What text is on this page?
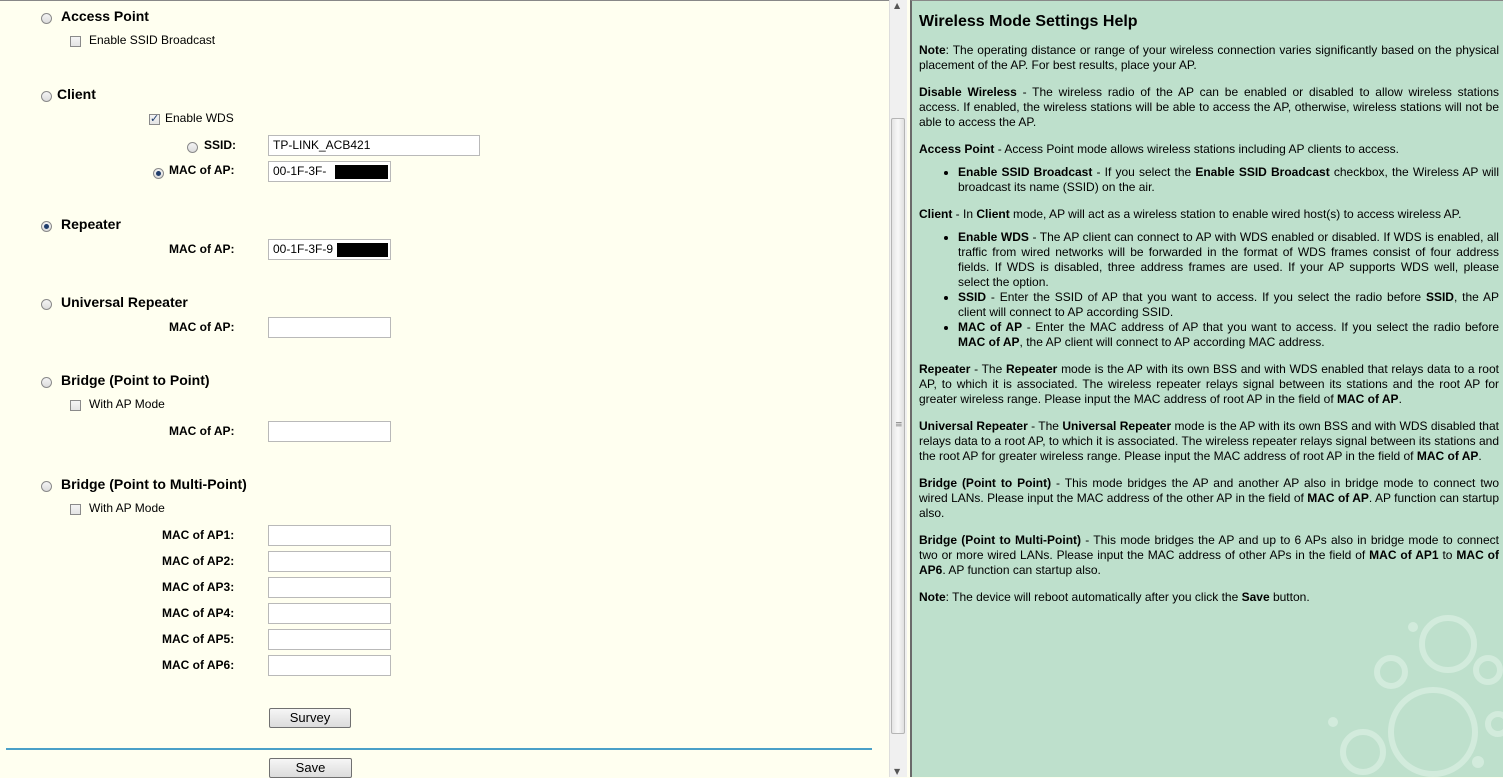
Access Point
Enable SSID Broadcast
Client
✓
Enable WDS
SSID:	TP-LINK_ACB421
MAC of AP:	00-1F-3F-
Repeater
MAC of AP:	00-1F-3F-9
Universal Repeater
MAC of AP:
Bridge (Point to Point)
With AP Mode
MAC of AP:
Bridge (Point to Multi-Point)
With AP Mode
MAC of AP1:
MAC of AP2:
MAC of AP3:
MAC of AP4:
MAC of AP5:
MAC of AP6:
Survey
Save
▲
≡
▼
Wireless Mode Settings Help

Note: The operating distance or range of your wireless connection varies significantly based on the physical placement of the AP. For best results, place your AP.

Disable Wireless - The wireless radio of the AP can be enabled or disabled to allow wireless stations access. If enabled, the wireless stations will be able to access the AP, otherwise, wireless stations will not be able to access the AP.

Access Point - Access Point mode allows wireless stations including AP clients to access.

• Enable SSID Broadcast - If you select the Enable SSID Broadcast checkbox, the Wireless AP will broadcast its name (SSID) on the air.

Client - In Client mode, AP will act as a wireless station to enable wired host(s) to access wireless AP.

• Enable WDS - The AP client can connect to AP with WDS enabled or disabled. If WDS is enabled, all traffic from wired networks will be forwarded in the format of WDS frames consist of four address fields. If WDS is disabled, three address frames are used. If your AP supports WDS well, please select the option.
• SSID - Enter the SSID of AP that you want to access. If you select the radio before SSID, the AP client will connect to AP according SSID.
• MAC of AP - Enter the MAC address of AP that you want to access. If you select the radio before MAC of AP, the AP client will connect to AP according MAC address.

Repeater - The Repeater mode is the AP with its own BSS and with WDS enabled that relays data to a root AP, to which it is associated. The wireless repeater relays signal between its stations and the root AP for greater wireless range. Please input the MAC address of root AP in the field of MAC of AP.

Universal Repeater - The Universal Repeater mode is the AP with its own BSS and with WDS disabled that relays data to a root AP, to which it is associated. The wireless repeater relays signal between its stations and the root AP for greater wireless range. Please input the MAC address of root AP in the field of MAC of AP.

Bridge (Point to Point) - This mode bridges the AP and another AP also in bridge mode to connect two wired LANs. Please input the MAC address of the other AP in the field of MAC of AP. AP function can startup also.

Bridge (Point to Multi-Point) - This mode bridges the AP and up to 6 APs also in bridge mode to connect two or more wired LANs. Please input the MAC address of other APs in the field of MAC of AP1 to MAC of AP6. AP function can startup also.

Note: The device will reboot automatically after you click the Save button.
